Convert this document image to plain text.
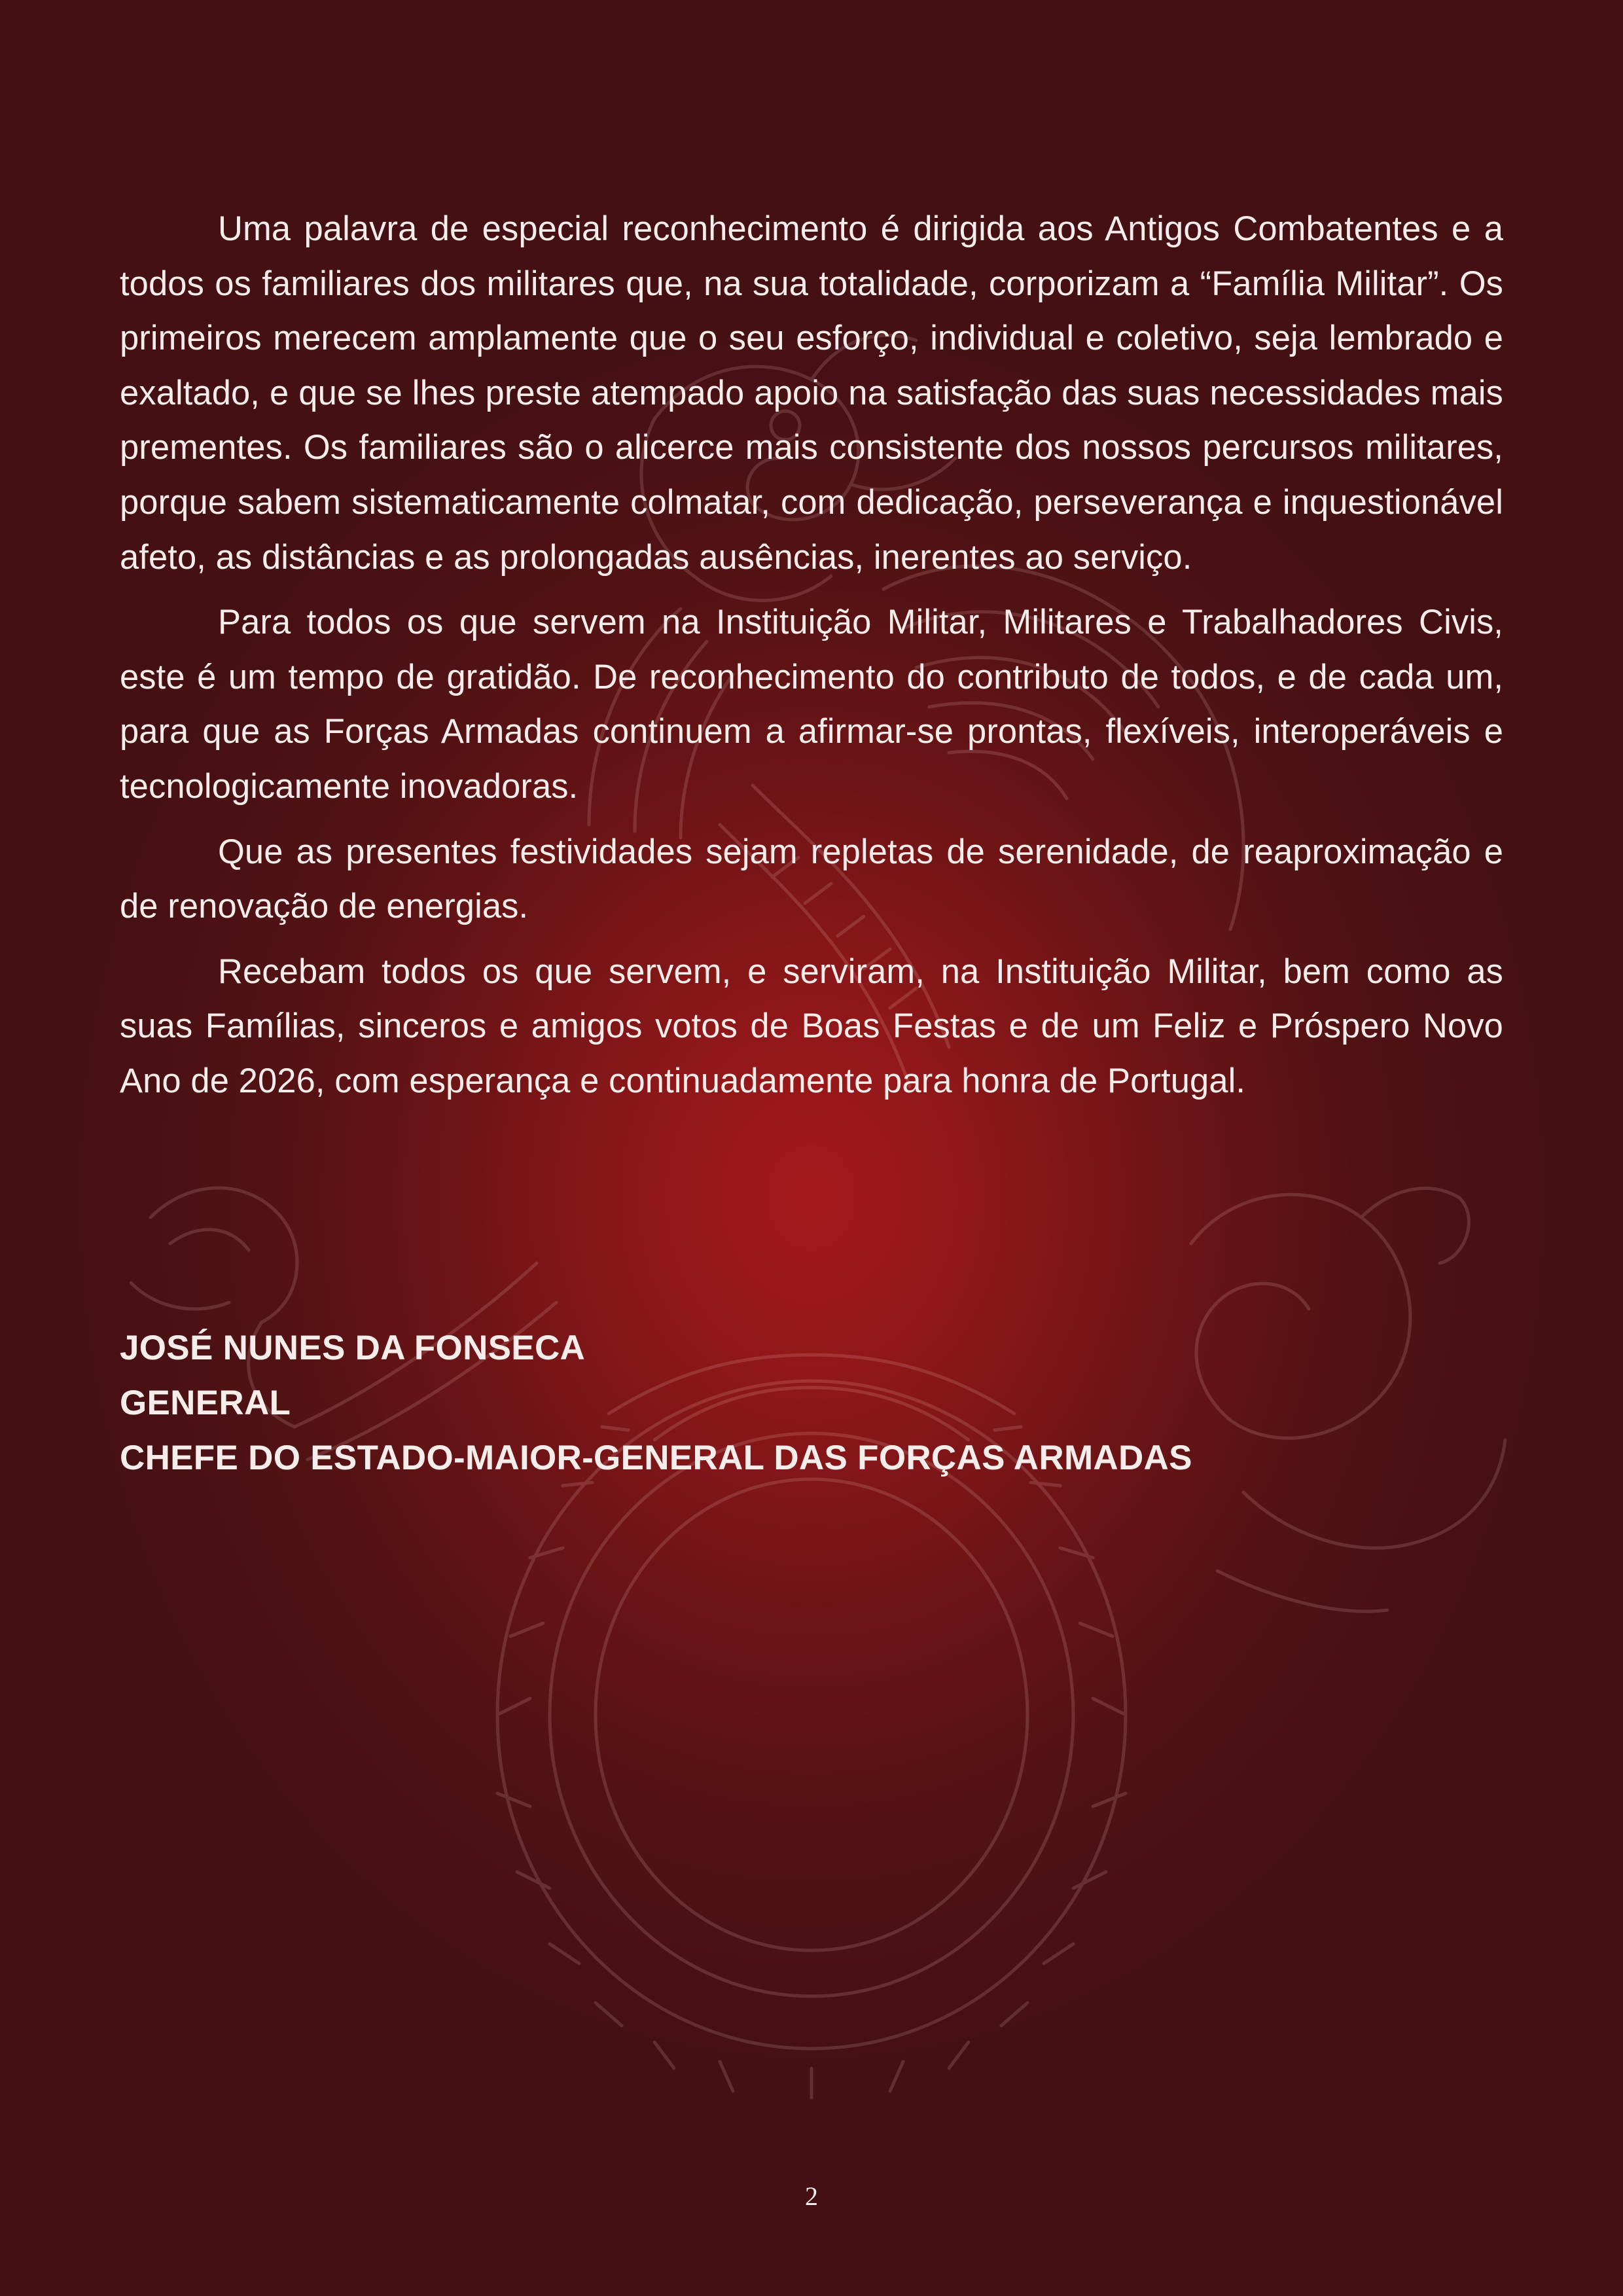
Uma palavra de especial reconhecimento é dirigida aos Antigos Combatentes e a todos os familiares dos militares que, na sua totalidade, corporizam a “Família Militar”. Os primeiros merecem amplamente que o seu esforço, individual e coletivo, seja lembrado e exaltado, e que se lhes preste atempado apoio na satisfação das suas necessidades mais prementes. Os familiares são o alicerce mais consistente dos nossos percursos militares, porque sabem sistematicamente colmatar, com dedicação, perseverança e inquestionável afeto, as distâncias e as prolongadas ausências, inerentes ao serviço.

Para todos os que servem na Instituição Militar, Militares e Trabalhadores Civis, este é um tempo de gratidão. De reconhecimento do contributo de todos, e de cada um, para que as Forças Armadas continuem a afirmar-se prontas, flexíveis, interoperáveis e tecnologicamente inovadoras.

Que as presentes festividades sejam repletas de serenidade, de reaproximação e de renovação de energias.

Recebam todos os que servem, e serviram, na Instituição Militar, bem como as suas Famílias, sinceros e amigos votos de Boas Festas e de um Feliz e Próspero Novo Ano de 2026, com esperança e continuadamente para honra de Portugal.

JOSÉ NUNES DA FONSECA
GENERAL
CHEFE DO ESTADO-MAIOR-GENERAL DAS FORÇAS ARMADAS
2
